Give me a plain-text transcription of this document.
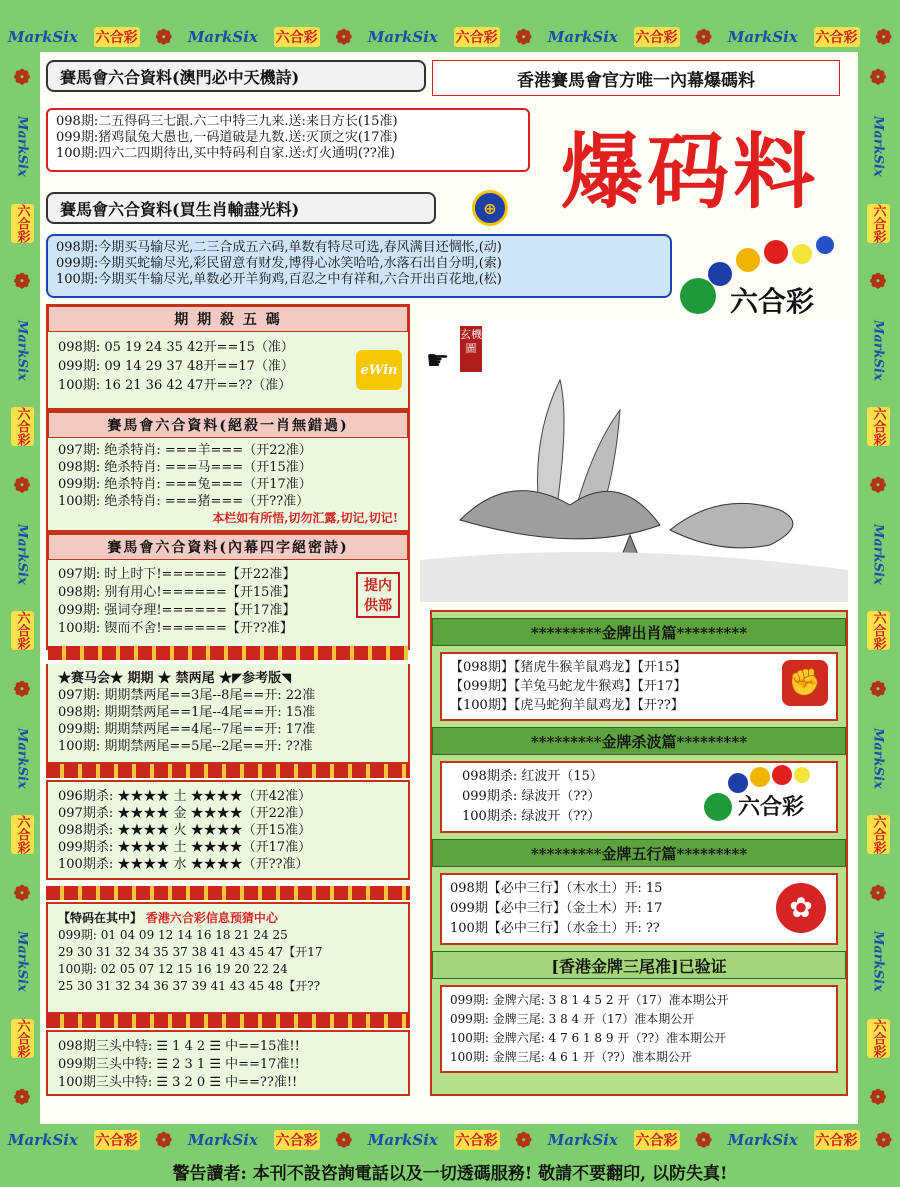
MarkSix 六合彩 ❁ MarkSix 六合彩 ❁ MarkSix 六合彩 ❁ MarkSix 六合彩 ❁ MarkSix 六合彩 ❁
MarkSix 六合彩 ❁ MarkSix 六合彩 ❁ MarkSix 六合彩 ❁ MarkSix 六合彩 ❁ MarkSix 六合彩 ❁
❁
MarkSix
六合彩
❁
MarkSix
六合彩
❁
MarkSix
六合彩
❁
MarkSix
六合彩
❁
MarkSix
六合彩
❁
❁
MarkSix
六合彩
❁
MarkSix
六合彩
❁
MarkSix
六合彩
❁
MarkSix
六合彩
❁
MarkSix
六合彩
❁
賽馬會六合資料(澳門必中天機詩)	香港賽馬會官方唯一內幕爆碼料
098期:二五得码三七跟.六二中特三九来.送:来日方长(15准)
099期:猪鸡鼠兔大愚也,一码道破是九数.送:灭顶之灾(17准)
100期:四六二四期待出,买中特码利自家.送:灯火通明(??准)	爆码料
賽馬會六合資料(買生肖輸盡光料)	⊕
098期:今期买马输尽光,二三合成五六码,单数有特尽可选,春风满目还惆怅,(动)
099期:今期买蛇输尽光,彩民留意有财发,博得心冰笑哈哈,水落石出自分明,(索)
100期:今期买牛输尽光,单数必开羊狗鸡,百忍之中有祥和,六合开出百花地,(松)
六合彩
期 期 殺 五 碼
098期: 05 19 24 35 42开==15（准）
099期: 09 14 29 37 48开==17（准）
100期: 16 21 36 42 47开==??（准）
eWin
賽馬會六合資料(絕殺一肖無錯過)
097期: 绝杀特肖: ===羊===（开22准）
098期: 绝杀特肖: ===马===（开15准）
099期: 绝杀特肖: ===兔===（开17准）
100期: 绝杀特肖: ===猪===（开??准）
本栏如有所悟,切勿汇露,切记,切记!
賽馬會六合資料(內幕四字絕密詩)
097期: 时上时下!======【开22准】
098期: 别有用心!======【开15准】
099期: 强词夺理!======【开17准】
100期: 锲而不舍!======【开??准】
提内供部
★赛马会★ 期期 ★ 禁两尾 ★◤参考版◥
097期: 期期禁两尾==3尾--8尾==开: 22准
098期: 期期禁两尾==1尾--4尾==开: 15准
099期: 期期禁两尾==4尾--7尾==开: 17准
100期: 期期禁两尾==5尾--2尾==开: ??准
096期杀: ★★★★ 土 ★★★★（开42准）
097期杀: ★★★★ 金 ★★★★（开22准）
098期杀: ★★★★ 火 ★★★★（开15准）
099期杀: ★★★★ 土 ★★★★（开17准）
100期杀: ★★★★ 水 ★★★★（开??准）
【特码在其中】 香港六合彩信息预猜中心
099期: 01 04 09 12 14 16 18 21 24 25
29 30 31 32 34 35 37 38 41 43 45 47【开17
100期: 02 05 07 12 15 16 19 20 22 24
25 30 31 32 34 36 37 39 41 43 45 48【开??
098期三头中特: ☰ 1 4 2 ☰ 中==15准!!
099期三头中特: ☰ 2 3 1 ☰ 中==17准!!
100期三头中特: ☰ 3 2 0 ☰ 中==??准!!
玄機圖
☛
*********金牌出肖篇*********
【098期】【猪虎牛猴羊鼠鸡龙】【开15】
【099期】【羊兔马蛇龙牛猴鸡】【开17】
【100期】【虎马蛇狗羊鼠鸡龙】【开??】
✊
*********金牌杀波篇*********
098期杀: 红波开（15）
099期杀: 绿波开（??）
100期杀: 绿波开（??）	六合彩
*********金牌五行篇*********
098期【必中三行】（木水土）开: 15
099期【必中三行】（金土木）开: 17
100期【必中三行】（水金土）开: ??
✿
[香港金牌三尾准]已验证
099期: 金牌六尾: 3 8 1 4 5 2 开（17）准本期公开
099期: 金牌三尾: 3 8 4 开（17）准本期公开
100期: 金牌六尾: 4 7 6 1 8 9 开（??）准本期公开
100期: 金牌三尾: 4 6 1 开（??）准本期公开
警告讀者: 本刊不設咨詢電話以及一切透碼服務! 敬請不要翻印, 以防失真!
